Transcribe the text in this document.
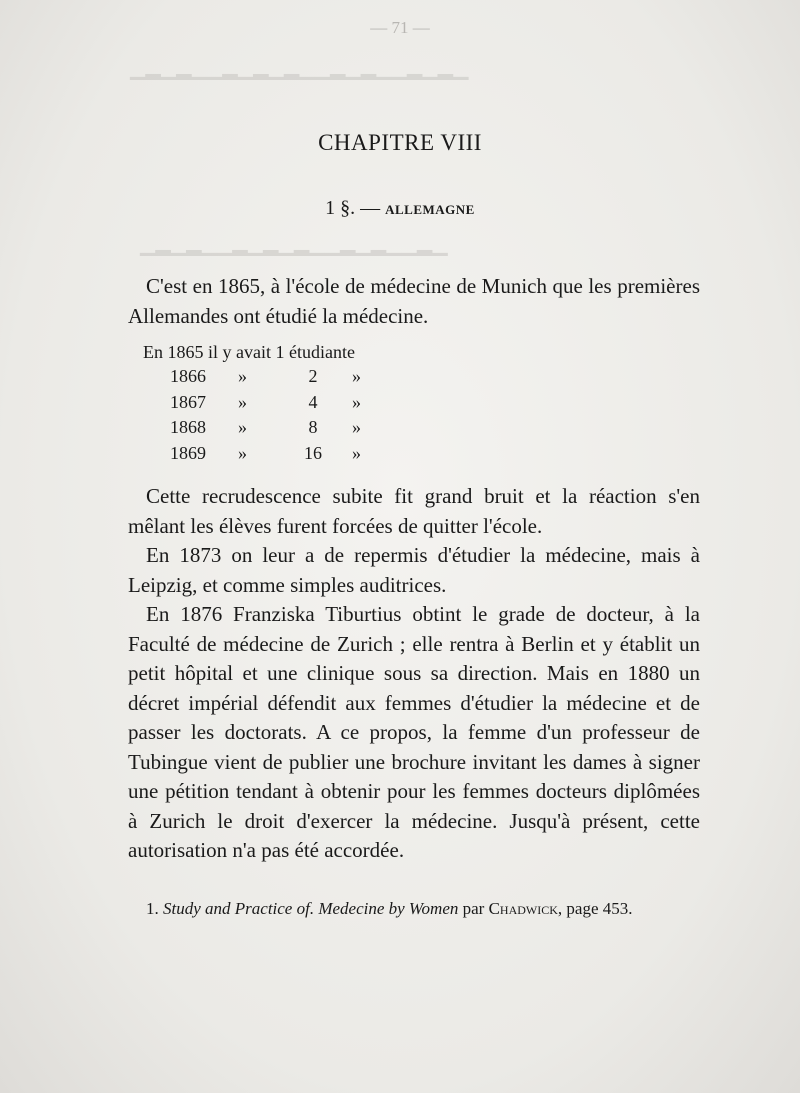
▁▂▁▂▁▁▂▁▂▁▁▂▁▂▁▂▁▁▂▁▂▁
▁▂▁▁▂▁▂▁▁▂▁▂▁▂▁▁▂▁▂▁
— 71 —
CHAPITRE VIII
1 §. — ALLEMAGNE

C'est en 1865, à l'école de médecine de Munich que les premières Allemandes ont étudié la médecine.

En 1865 il y avait 1 étudiante
1866 »	2	»
1867 »	4	»
1868 »	8	»
1869 »	16	»

Cette recrudescence subite fit grand bruit et la réaction s'en mêlant les élèves furent forcées de quitter l'école.

En 1873 on leur a de repermis d'étudier la médecine, mais à Leipzig, et comme simples auditrices.

En 1876 Franziska Tiburtius obtint le grade de docteur, à la Faculté de médecine de Zurich ; elle rentra à Berlin et y établit un petit hôpital et une clinique sous sa direction. Mais en 1880 un décret impérial défendit aux femmes d'étudier la médecine et de passer les doctorats. A ce propos, la femme d'un professeur de Tubingue vient de publier une brochure invitant les dames à signer une pétition tendant à obtenir pour les femmes docteurs diplômées à Zurich le droit d'exercer la médecine. Jusqu'à présent, cette autorisation n'a pas été accordée.

1. Study and Practice of. Medecine by Women par Chadwick, page 453.
